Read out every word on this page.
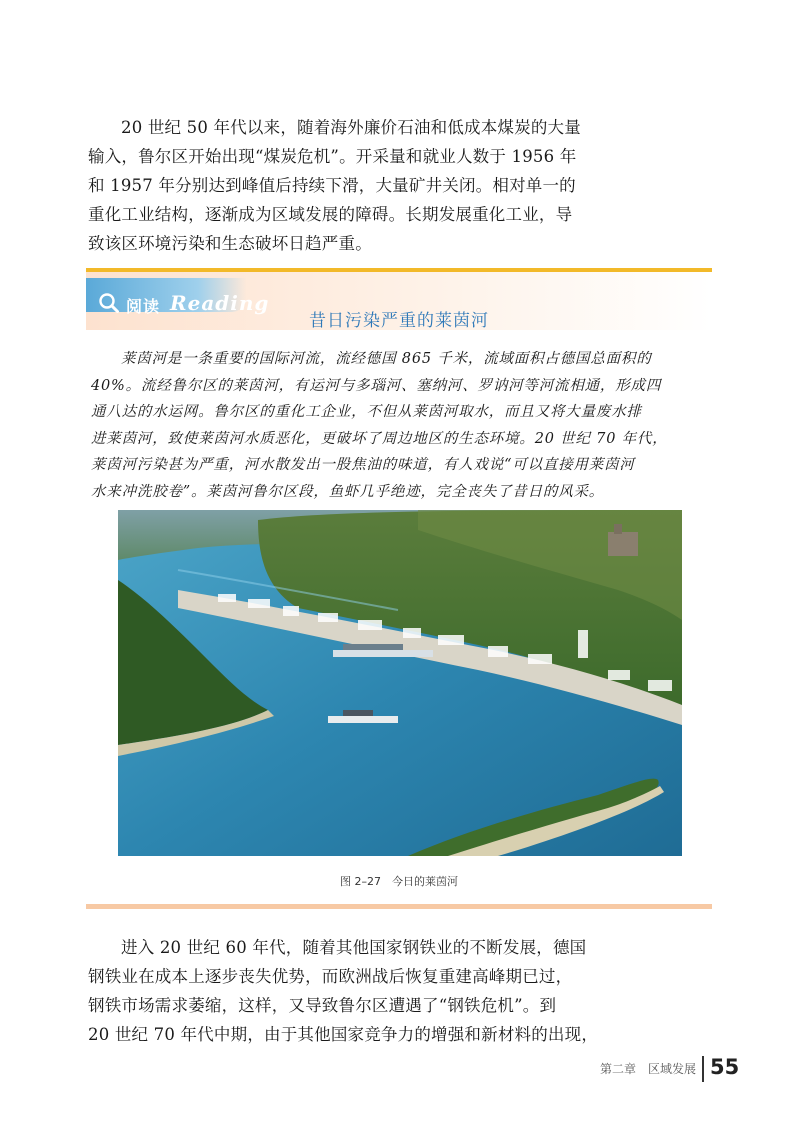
20 世纪 50 年代以来，随着海外廉价石油和低成本煤炭的大量
输入，鲁尔区开始出现“煤炭危机”。开采量和就业人数于 1956 年
和 1957 年分别达到峰值后持续下滑，大量矿井关闭。相对单一的
重化工业结构，逐渐成为区域发展的障碍。长期发展重化工业，导
致该区环境污染和生态破坏日趋严重。
阅读 Reading
昔日污染严重的莱茵河
莱茵河是一条重要的国际河流，流经德国 865 千米，流域面积占德国总面积的
40%。流经鲁尔区的莱茵河，有运河与多瑙河、塞纳河、罗讷河等河流相通，形成四
通八达的水运网。鲁尔区的重化工企业，不但从莱茵河取水，而且又将大量废水排
进莱茵河，致使莱茵河水质恶化，更破坏了周边地区的生态环境。20 世纪 70 年代，
莱茵河污染甚为严重，河水散发出一股焦油的味道，有人戏说“可以直接用莱茵河
水来冲洗胶卷”。莱茵河鲁尔区段，鱼虾几乎绝迹，完全丧失了昔日的风采。
图 2–27　今日的莱茵河
进入 20 世纪 60 年代，随着其他国家钢铁业的不断发展，德国
钢铁业在成本上逐步丧失优势，而欧洲战后恢复重建高峰期已过，
钢铁市场需求萎缩，这样，又导致鲁尔区遭遇了“钢铁危机”。到
20 世纪 70 年代中期，由于其他国家竞争力的增强和新材料的出现，
第二章　区域发展 55
